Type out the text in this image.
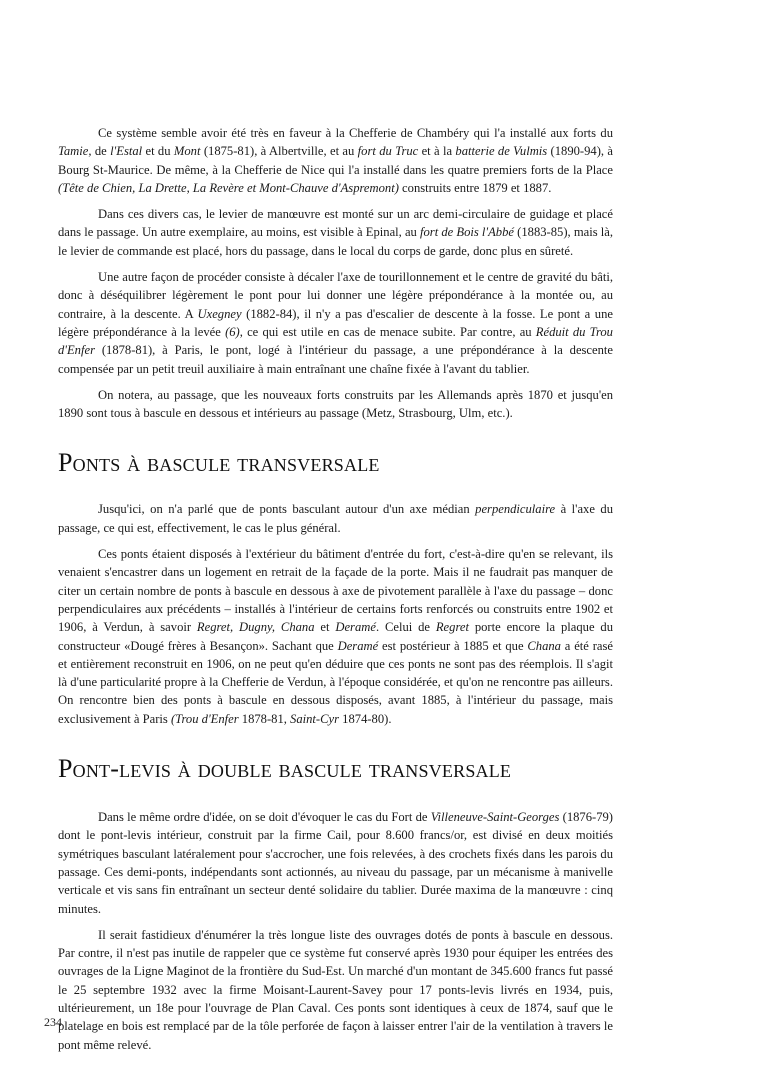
Ce système semble avoir été très en faveur à la Chefferie de Chambéry qui l'a installé aux forts du Tamie, de l'Estal et du Mont (1875-81), à Albertville, et au fort du Truc et à la batterie de Vulmis (1890-94), à Bourg St-Maurice. De même, à la Chefferie de Nice qui l'a installé dans les quatre premiers forts de la Place (Tête de Chien, La Drette, La Revère et Mont-Chauve d'Aspremont) construits entre 1879 et 1887.

Dans ces divers cas, le levier de manœuvre est monté sur un arc demi-circulaire de guidage et placé dans le passage. Un autre exemplaire, au moins, est visible à Epinal, au fort de Bois l'Abbé (1883-85), mais là, le levier de commande est placé, hors du passage, dans le local du corps de garde, donc plus en sûreté.

Une autre façon de procéder consiste à décaler l'axe de tourillonnement et le centre de gravité du bâti, donc à déséquilibrer légèrement le pont pour lui donner une légère prépondérance à la montée ou, au contraire, à la descente. A Uxegney (1882-84), il n'y a pas d'escalier de descente à la fosse. Le pont a une légère prépondérance à la levée (6), ce qui est utile en cas de menace subite. Par contre, au Réduit du Trou d'Enfer (1878-81), à Paris, le pont, logé à l'intérieur du passage, a une prépondérance à la descente compensée par un petit treuil auxiliaire à main entraînant une chaîne fixée à l'avant du tablier.

On notera, au passage, que les nouveaux forts construits par les Allemands après 1870 et jusqu'en 1890 sont tous à bascule en dessous et intérieurs au passage (Metz, Strasbourg, Ulm, etc.).

Ponts à bascule transversale

Jusqu'ici, on n'a parlé que de ponts basculant autour d'un axe médian perpendiculaire à l'axe du passage, ce qui est, effectivement, le cas le plus général.

Ces ponts étaient disposés à l'extérieur du bâtiment d'entrée du fort, c'est-à-dire qu'en se relevant, ils venaient s'encastrer dans un logement en retrait de la façade de la porte. Mais il ne faudrait pas manquer de citer un certain nombre de ponts à bascule en dessous à axe de pivotement parallèle à l'axe du passage – donc perpendiculaires aux précédents – installés à l'intérieur de certains forts renforcés ou construits entre 1902 et 1906, à Verdun, à savoir Regret, Dugny, Chana et Deramé. Celui de Regret porte encore la plaque du constructeur «Dougé frères à Besançon». Sachant que Deramé est postérieur à 1885 et que Chana a été rasé et entièrement reconstruit en 1906, on ne peut qu'en déduire que ces ponts ne sont pas des réemplois. Il s'agit là d'une particularité propre à la Chefferie de Verdun, à l'époque considérée, et qu'on ne rencontre pas ailleurs. On rencontre bien des ponts à bascule en dessous disposés, avant 1885, à l'intérieur du passage, mais exclusivement à Paris (Trou d'Enfer 1878-81, Saint-Cyr 1874-80).

Pont-levis à double bascule transversale

Dans le même ordre d'idée, on se doit d'évoquer le cas du Fort de Villeneuve-Saint-Georges (1876-79) dont le pont-levis intérieur, construit par la firme Cail, pour 8.600 francs/or, est divisé en deux moitiés symétriques basculant latéralement pour s'accrocher, une fois relevées, à des crochets fixés dans les parois du passage. Ces demi-ponts, indépendants sont actionnés, au niveau du passage, par un mécanisme à manivelle verticale et vis sans fin entraînant un secteur denté solidaire du tablier. Durée maxima de la manœuvre : cinq minutes.

Il serait fastidieux d'énumérer la très longue liste des ouvrages dotés de ponts à bascule en dessous. Par contre, il n'est pas inutile de rappeler que ce système fut conservé après 1930 pour équiper les entrées des ouvrages de la Ligne Maginot de la frontière du Sud-Est. Un marché d'un montant de 345.600 francs fut passé le 25 septembre 1932 avec la firme Moisant-Laurent-Savey pour 17 ponts-levis livrés en 1934, puis, ultérieurement, un 18e pour l'ouvrage de Plan Caval. Ces ponts sont identiques à ceux de 1874, sauf que le platelage en bois est remplacé par de la tôle perforée de façon à laisser entrer l'air de la ventilation à travers le pont même relevé.

234
